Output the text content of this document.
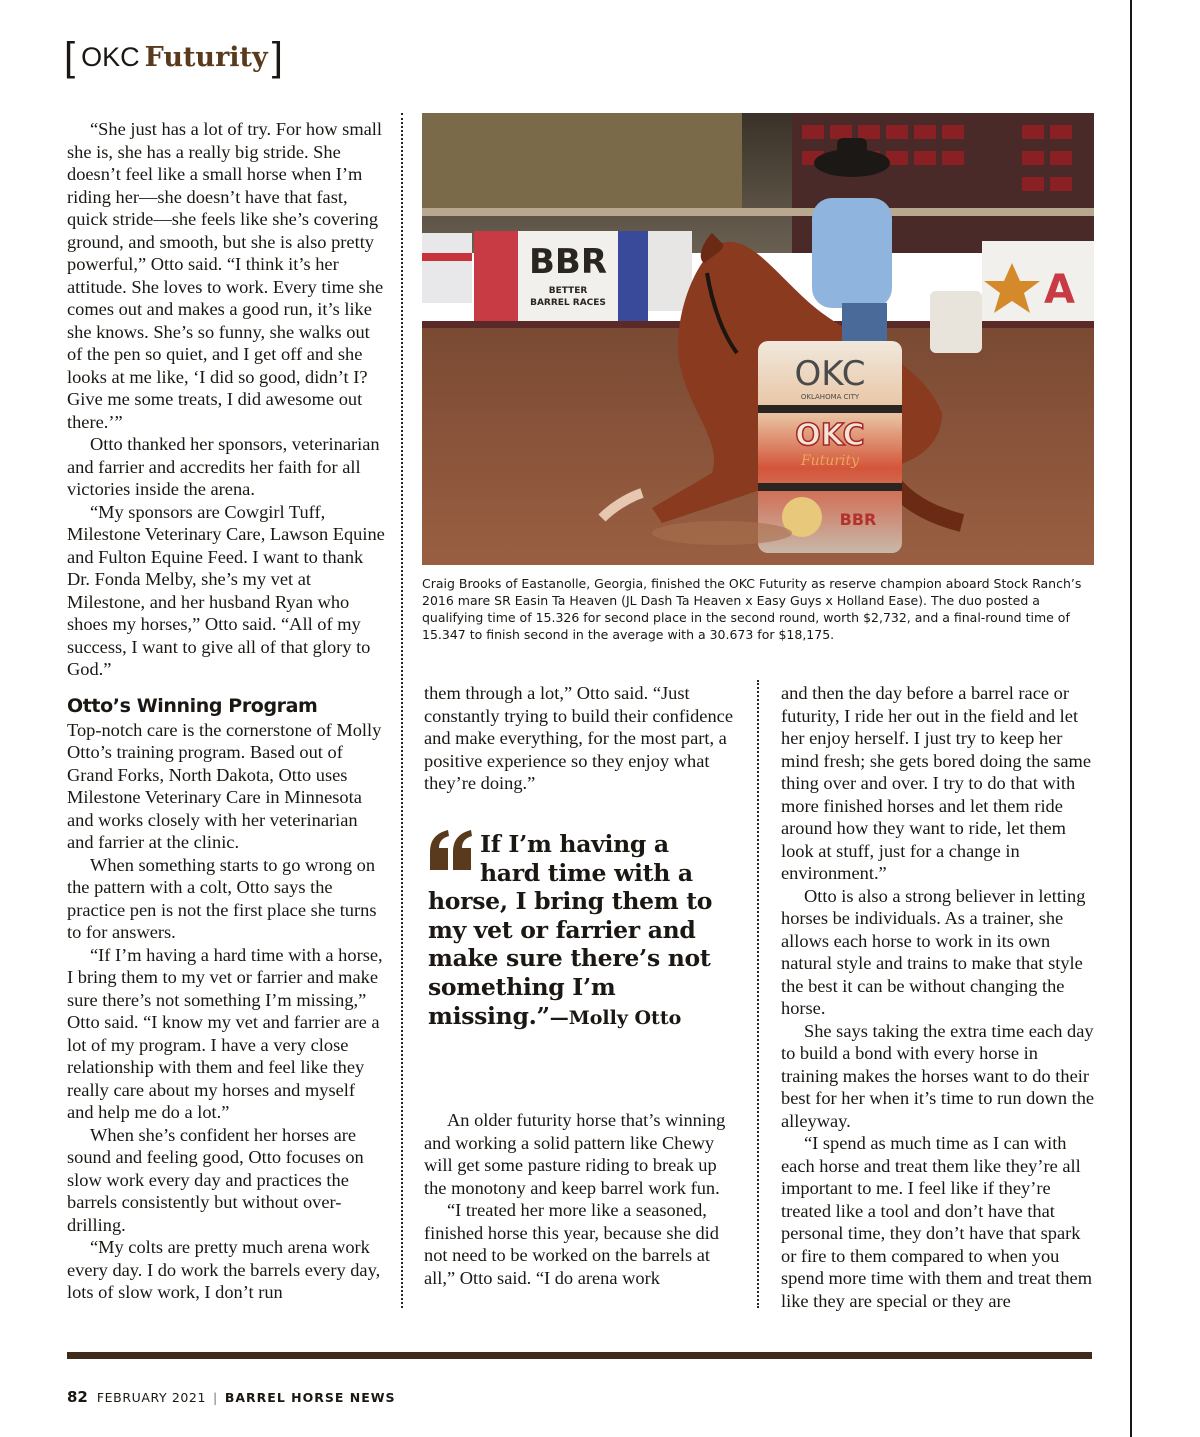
[ OKC Futurity ]

“She just has a lot of try. For how small she is, she has a really big stride. She doesn’t feel like a small horse when I’m riding her—she doesn’t have that fast, quick stride—she feels like she’s covering ground, and smooth, but she is also pretty powerful,” Otto said. “I think it’s her attitude. She loves to work. Every time she comes out and makes a good run, it’s like she knows. She’s so funny, she walks out of the pen so quiet, and I get off and she looks at me like, ‘I did so good, didn’t I? Give me some treats, I did awesome out there.’”

Otto thanked her sponsors, veterinarian and farrier and accredits her faith for all victories inside the arena.

“My sponsors are Cowgirl Tuff, Milestone Veterinary Care, Lawson Equine and Fulton Equine Feed. I want to thank Dr. Fonda Melby, she’s my vet at Milestone, and her husband Ryan who shoes my horses,” Otto said. “All of my success, I want to give all of that glory to God.”

Otto’s Winning Program

Top-notch care is the cornerstone of Molly Otto’s training program. Based out of Grand Forks, North Dakota, Otto uses Milestone Veterinary Care in Minnesota and works closely with her veterinarian and farrier at the clinic.

When something starts to go wrong on the pattern with a colt, Otto says the practice pen is not the first place she turns to for answers.

“If I’m having a hard time with a horse, I bring them to my vet or farrier and make sure there’s not something I’m missing,” Otto said. “I know my vet and farrier are a lot of my program. I have a very close relationship with them and feel like they really care about my horses and myself and help me do a lot.”

When she’s confident her horses are sound and feeling good, Otto focuses on slow work every day and practices the barrels consistently but without over-drilling.

“My colts are pretty much arena work every day. I do work the barrels every day, lots of slow work, I don’t run

A
BBR
BETTER
BARREL RACES
OKC
OKLAHOMA CITY
OKC
Futurity
BBR
Craig Brooks of Eastanolle, Georgia, finished the OKC Futurity as reserve champion aboard Stock Ranch’s 2016 mare SR Easin Ta Heaven (JL Dash Ta Heaven x Easy Guys x Holland Ease). The duo posted a qualifying time of 15.326 for second place in the second round, worth $2,732, and a final-round time of 15.347 to finish second in the average with a 30.673 for $18,175.

them through a lot,” Otto said. “Just constantly trying to build their confidence and make everything, for the most part, a positive experience so they enjoy what they’re doing.”

If I’m having a hard time with a horse, I bring them to my vet or farrier and make sure there’s not something I’m missing.”—Molly Otto

An older futurity horse that’s winning and working a solid pattern like Chewy will get some pasture riding to break up the monotony and keep barrel work fun.

“I treated her more like a seasoned, finished horse this year, because she did not need to be worked on the barrels at all,” Otto said. “I do arena work

and then the day before a barrel race or futurity, I ride her out in the field and let her enjoy herself. I just try to keep her mind fresh; she gets bored doing the same thing over and over. I try to do that with more finished horses and let them ride around how they want to ride, let them look at stuff, just for a change in environment.”

Otto is also a strong believer in letting horses be individuals. As a trainer, she allows each horse to work in its own natural style and trains to make that style the best it can be without changing the horse.

She says taking the extra time each day to build a bond with every horse in training makes the horses want to do their best for her when it’s time to run down the alleyway.

“I spend as much time as I can with each horse and treat them like they’re all important to me. I feel like if they’re treated like a tool and don’t have that personal time, they don’t have that spark or fire to them compared to when you spend more time with them and treat them like they are special or they are

82 FEBRUARY 2021 | BARREL HORSE NEWS
